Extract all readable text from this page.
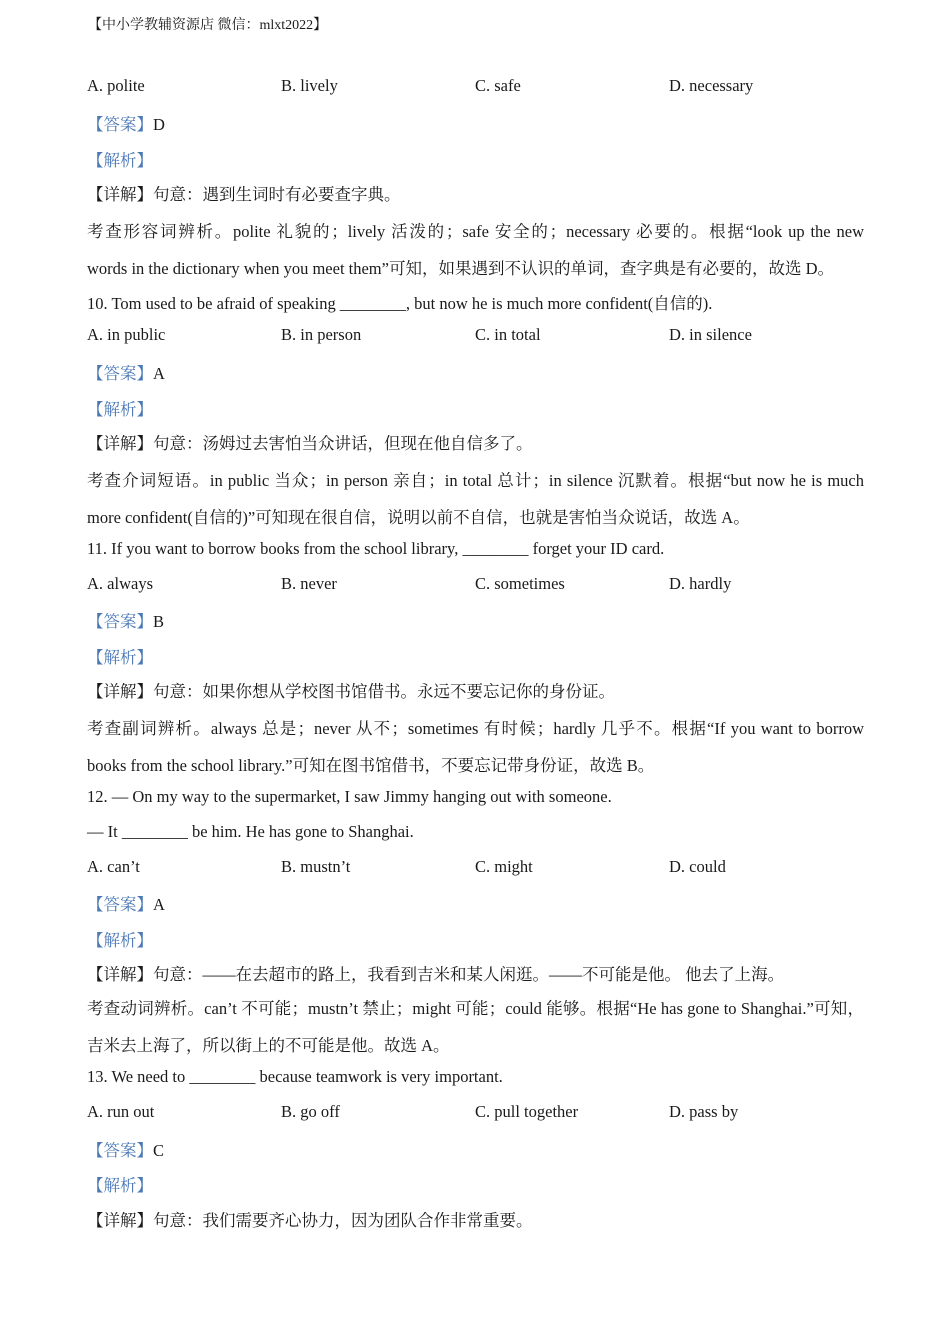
【中小学教辅资源店 微信：mlxt2022】
A. polite	B. lively	C. safe	D. necessary
【答案】D
【解析】
【详解】句意：遇到生词时有必要查字典。
考查形容词辨析。polite 礼貌的；lively 活泼的；safe 安全的；necessary 必要的。根据“look up the new
words in the dictionary when you meet them”可知，如果遇到不认识的单词，查字典是有必要的，故选 D。
10. Tom used to be afraid of speaking ________, but now he is much more confident(自信的).
A. in public	B. in person	C. in total	D. in silence
【答案】A
【解析】
【详解】句意：汤姆过去害怕当众讲话，但现在他自信多了。
考查介词短语。in public 当众；in person 亲自；in total 总计；in silence 沉默着。根据“but now he is much
more confident(自信的)”可知现在很自信，说明以前不自信，也就是害怕当众说话，故选 A。
11. If you want to borrow books from the school library, ________ forget your ID card.
A. always	B. never	C. sometimes	D. hardly
【答案】B
【解析】
【详解】句意：如果你想从学校图书馆借书。永远不要忘记你的身份证。
考查副词辨析。always 总是；never 从不；sometimes 有时候；hardly 几乎不。根据“If you want to borrow
books from the school library.”可知在图书馆借书，不要忘记带身份证，故选 B。
12. — On my way to the supermarket, I saw Jimmy hanging out with someone.
— It ________ be him. He has gone to Shanghai.
A. can’t	B. mustn’t	C. might	D. could
【答案】A
【解析】
【详解】句意：——在去超市的路上，我看到吉米和某人闲逛。——不可能是他。 他去了上海。
考查动词辨析。can’t 不可能；mustn’t 禁止；might 可能；could 能够。根据“He has gone to Shanghai.”可知，
吉米去上海了，所以街上的不可能是他。故选 A。
13. We need to ________ because teamwork is very important.
A. run out	B. go off	C. pull together	D. pass by
【答案】C
【解析】
【详解】句意：我们需要齐心协力，因为团队合作非常重要。
